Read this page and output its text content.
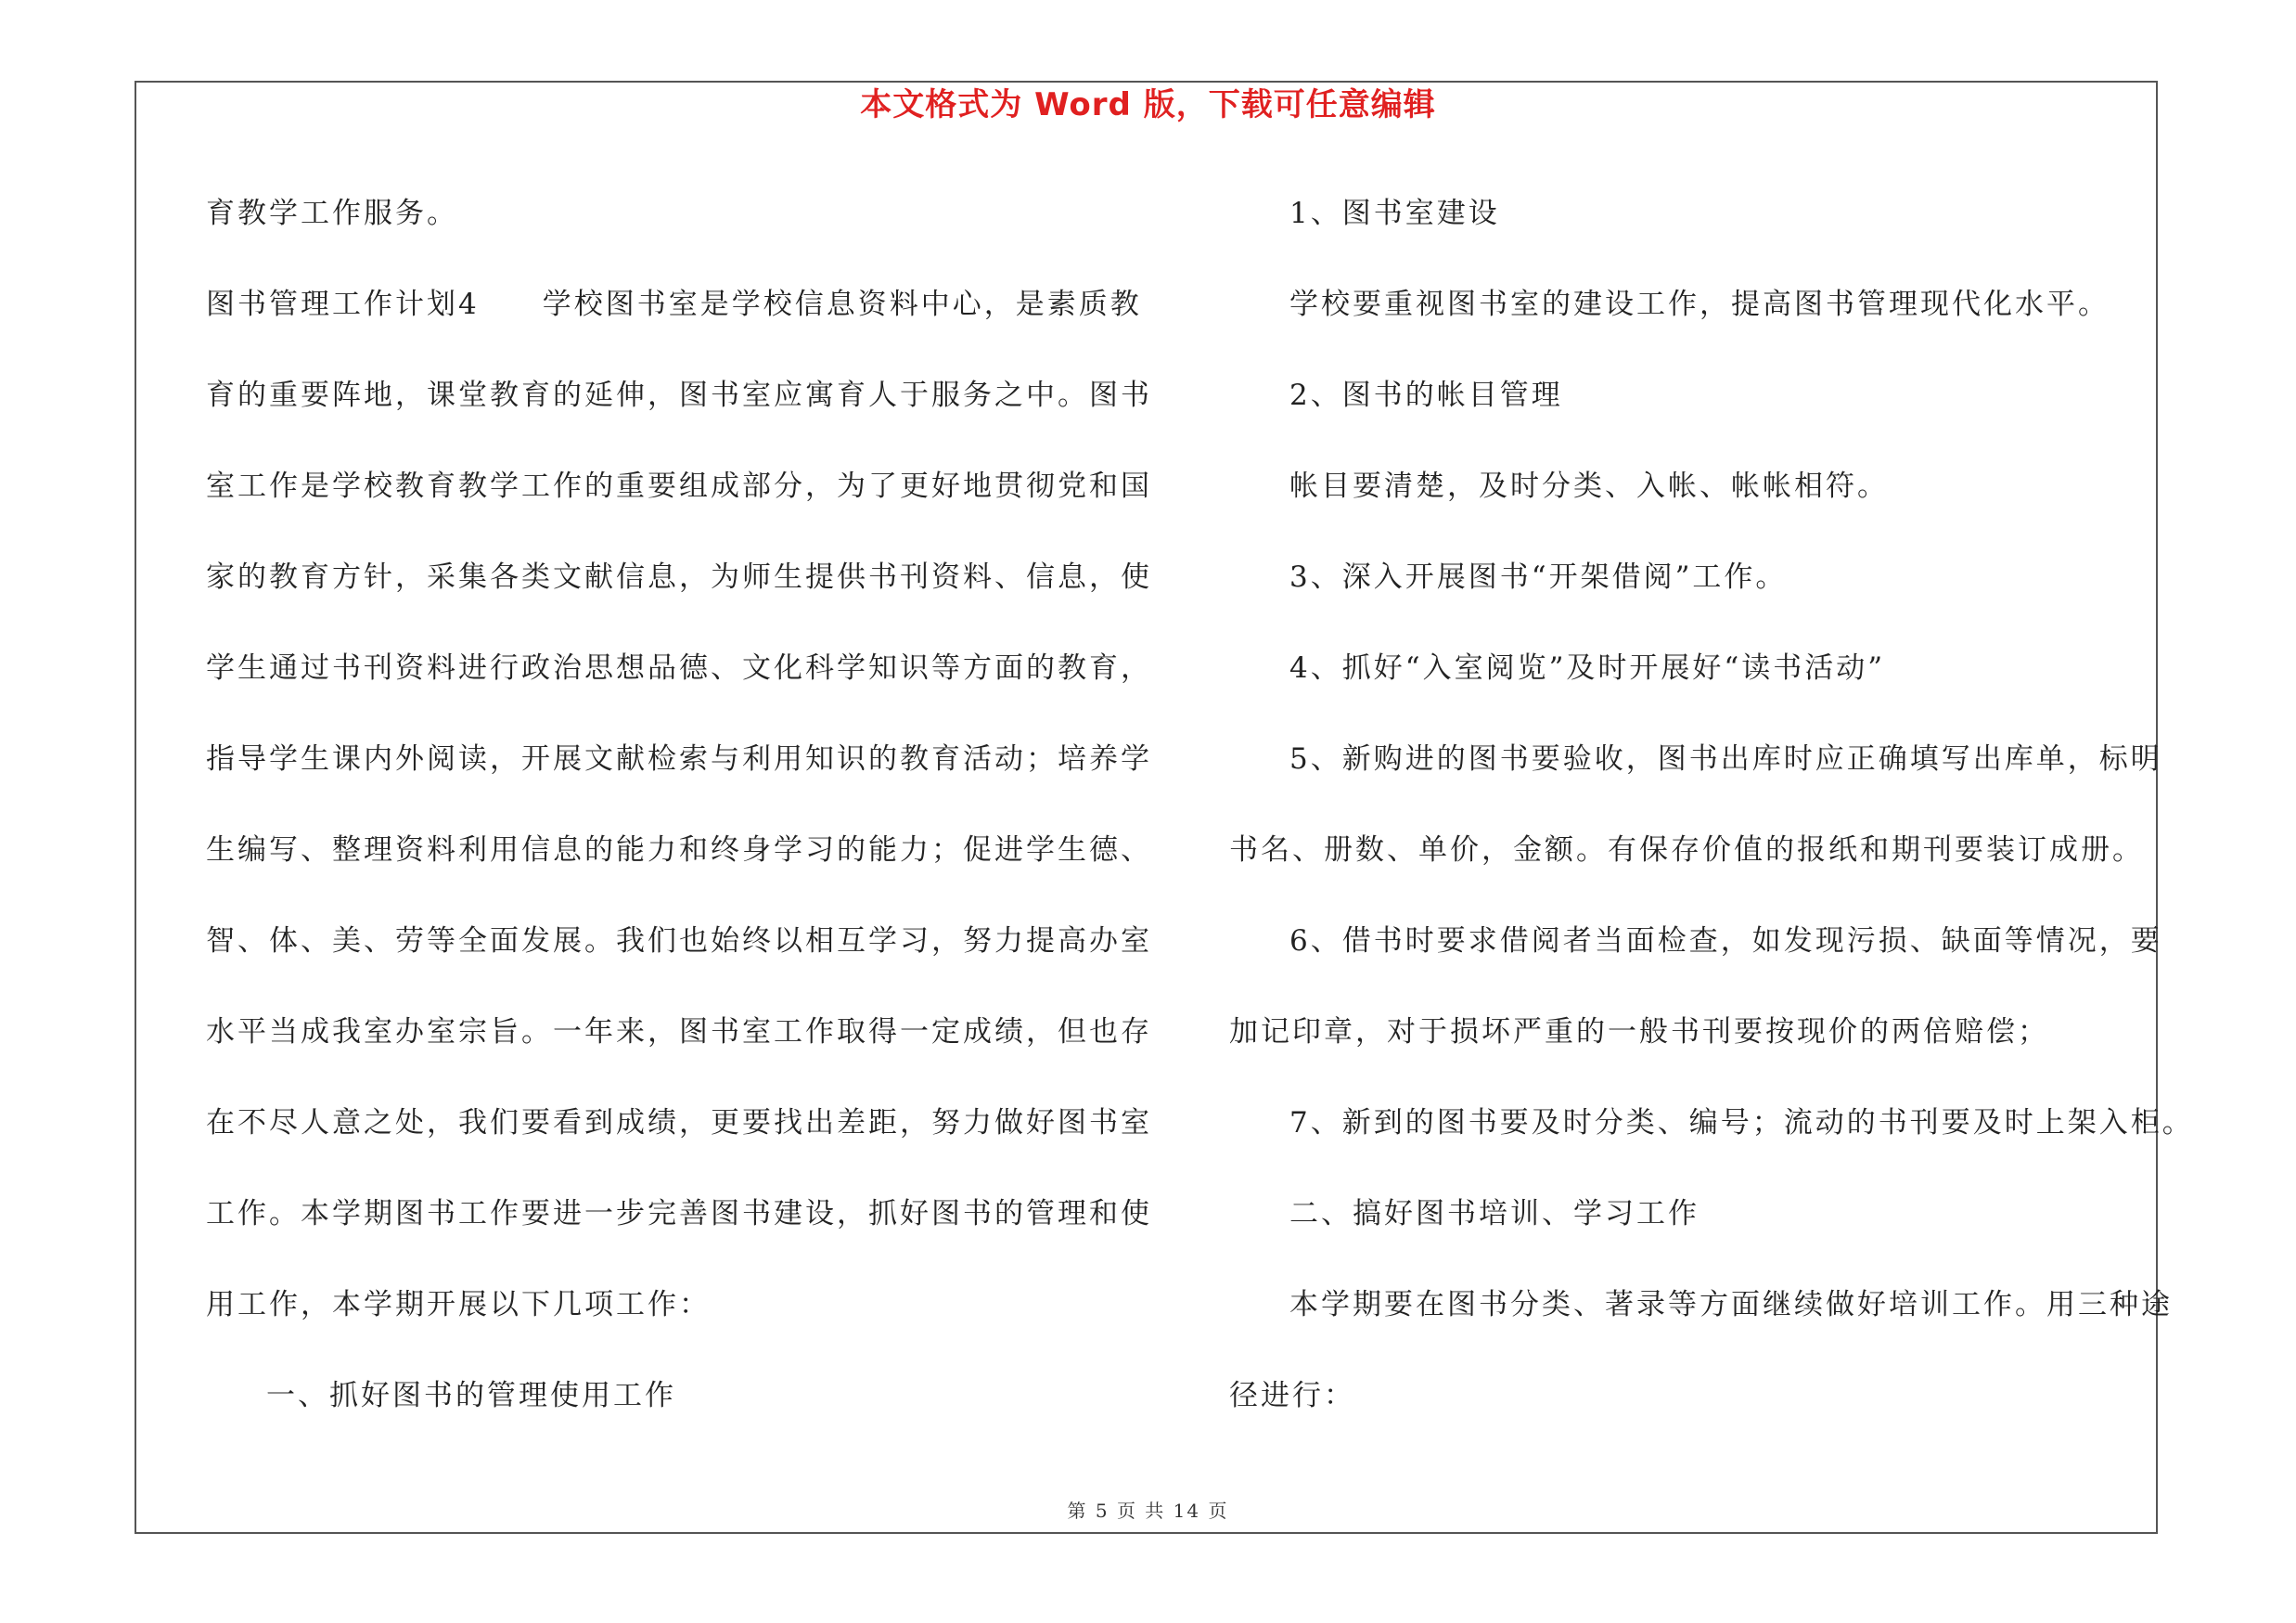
本文格式为 Word 版，下载可任意编辑
育教学工作服务。
图书管理工作计划4　　学校图书室是学校信息资料中心，是素质教
育的重要阵地，课堂教育的延伸，图书室应寓育人于服务之中。图书
室工作是学校教育教学工作的重要组成部分，为了更好地贯彻党和国
家的教育方针，采集各类文献信息，为师生提供书刊资料、信息，使
学生通过书刊资料进行政治思想品德、文化科学知识等方面的教育，
指导学生课内外阅读，开展文献检索与利用知识的教育活动；培养学
生编写、整理资料利用信息的能力和终身学习的能力；促进学生德、
智、体、美、劳等全面发展。我们也始终以相互学习，努力提高办室
水平当成我室办室宗旨。一年来，图书室工作取得一定成绩，但也存
在不尽人意之处，我们要看到成绩，更要找出差距，努力做好图书室
工作。本学期图书工作要进一步完善图书建设，抓好图书的管理和使
用工作，本学期开展以下几项工作：
一、抓好图书的管理使用工作
1、图书室建设
学校要重视图书室的建设工作，提高图书管理现代化水平。
2、图书的帐目管理
帐目要清楚，及时分类、入帐、帐帐相符。
3、深入开展图书“开架借阅”工作。
4、抓好“入室阅览”及时开展好“读书活动”
5、新购进的图书要验收，图书出库时应正确填写出库单，标明
书名、册数、单价，金额。有保存价值的报纸和期刊要装订成册。
6、借书时要求借阅者当面检查，如发现污损、缺面等情况，要
加记印章，对于损坏严重的一般书刊要按现价的两倍赔偿；
7、新到的图书要及时分类、编号；流动的书刊要及时上架入柜。
二、搞好图书培训、学习工作
本学期要在图书分类、著录等方面继续做好培训工作。用三种途
径进行：
第 5 页 共 14 页
